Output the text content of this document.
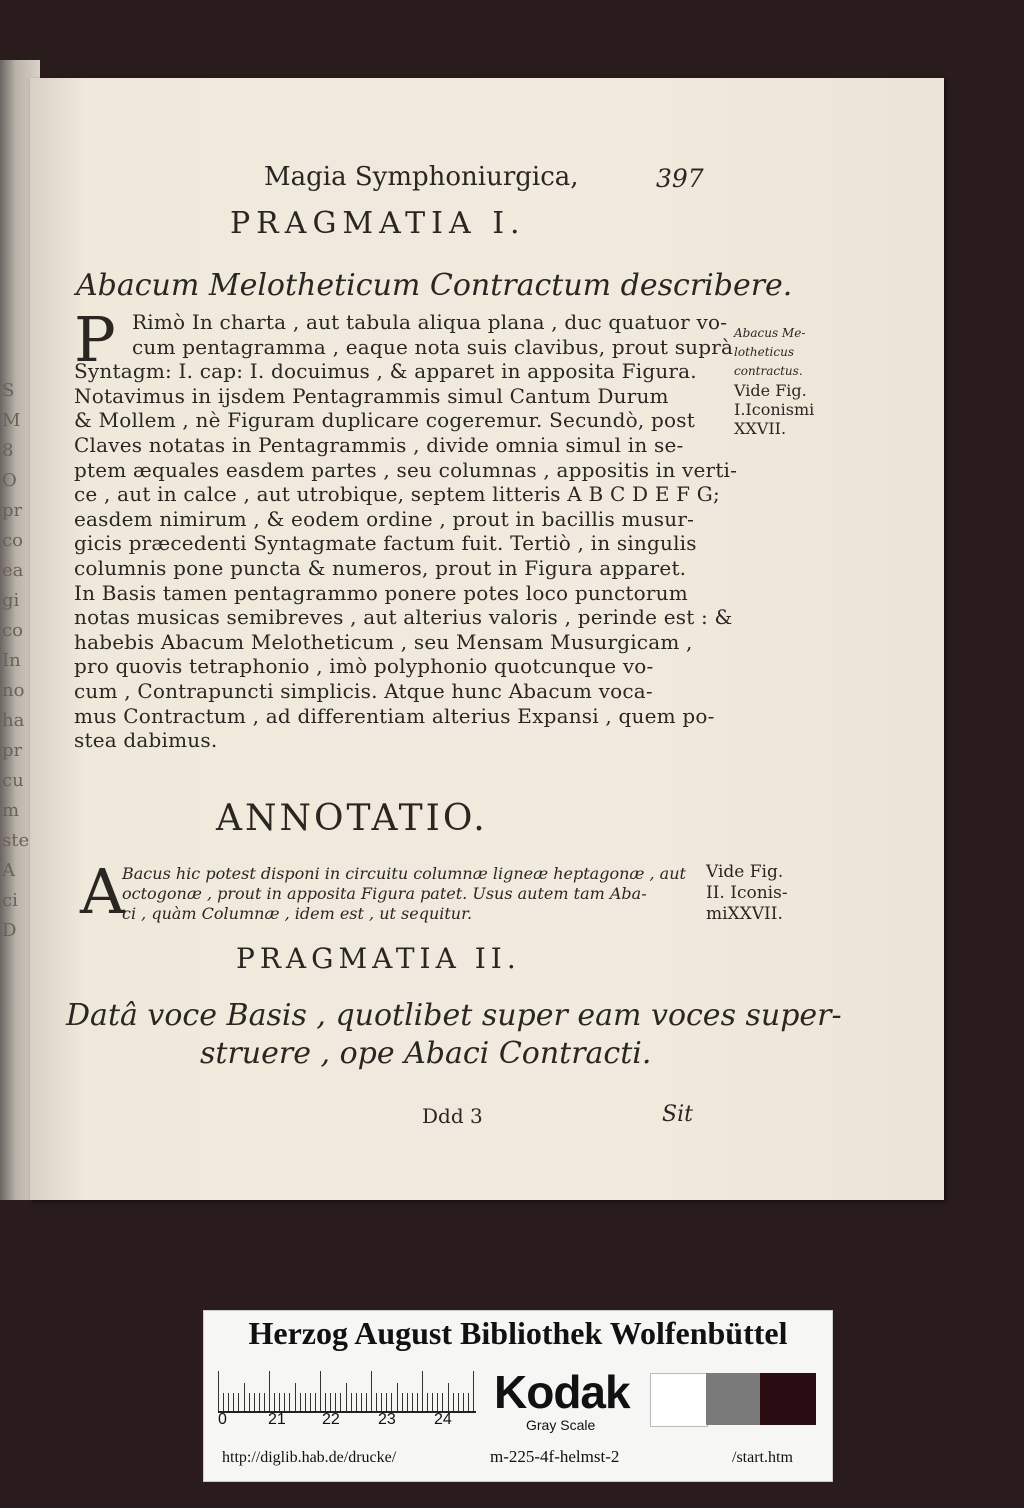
S
M
8
O
pr
co
ea
gi
co
In
no
ha
pr
cu
m
ste
A
ci
D
Magia Symphoniurgica,	397
PRAGMATIA I.
Abacum Melotheticum Contractum describere.
P Rimò In charta , aut tabula aliqua plana , duc quatuor vo-
cum pentagramma , eaque nota suis clavibus, prout suprà
Syntagm: I. cap: I. docuimus , & apparet in apposita Figura.
Notavimus in ijsdem Pentagrammis simul Cantum Durum
& Mollem , nè Figuram duplicare cogeremur. Secundò, post
Claves notatas in Pentagrammis , divide omnia simul in se-
ptem æquales easdem partes , seu columnas , appositis in verti-
ce , aut in calce , aut utrobique, septem litteris A B C D E F G;
easdem nimirum , & eodem ordine , prout in bacillis musur-
gicis præcedenti Syntagmate factum fuit. Tertiò , in singulis
columnis pone puncta & numeros, prout in Figura apparet.
In Basis tamen pentagrammo ponere potes loco punctorum
notas musicas semibreves , aut alterius valoris , perinde est : &
habebis Abacum Melotheticum , seu Mensam Musurgicam ,
pro quovis tetraphonio , imò polyphonio quotcunque vo-
cum , Contrapuncti simplicis. Atque hunc Abacum voca-
mus Contractum , ad differentiam alterius Expansi , quem po-
stea dabimus.
Abacus Me-
lotheticus
contractus.
Vide Fig.
I.Iconismi
XXVII.
ANNOTATIO.
A
Bacus hic potest disponi in circuitu columnæ ligneæ heptagonæ , aut
octogonæ , prout in apposita Figura patet. Usus autem tam Aba-
ci , quàm Columnæ , idem est , ut sequitur.
Vide Fig.
II. Iconis-
miXXVII.
PRAGMATIA II.
Datâ voce Basis , quotlibet super eam voces super-
struere , ope Abaci Contracti.
Ddd 3	Sit
Herzog August Bibliothek Wolfenbüttel
0	21 22 23 24
Kodak
Gray Scale
http://diglib.hab.de/drucke/	m-225-4f-helmst-2	/start.htm
